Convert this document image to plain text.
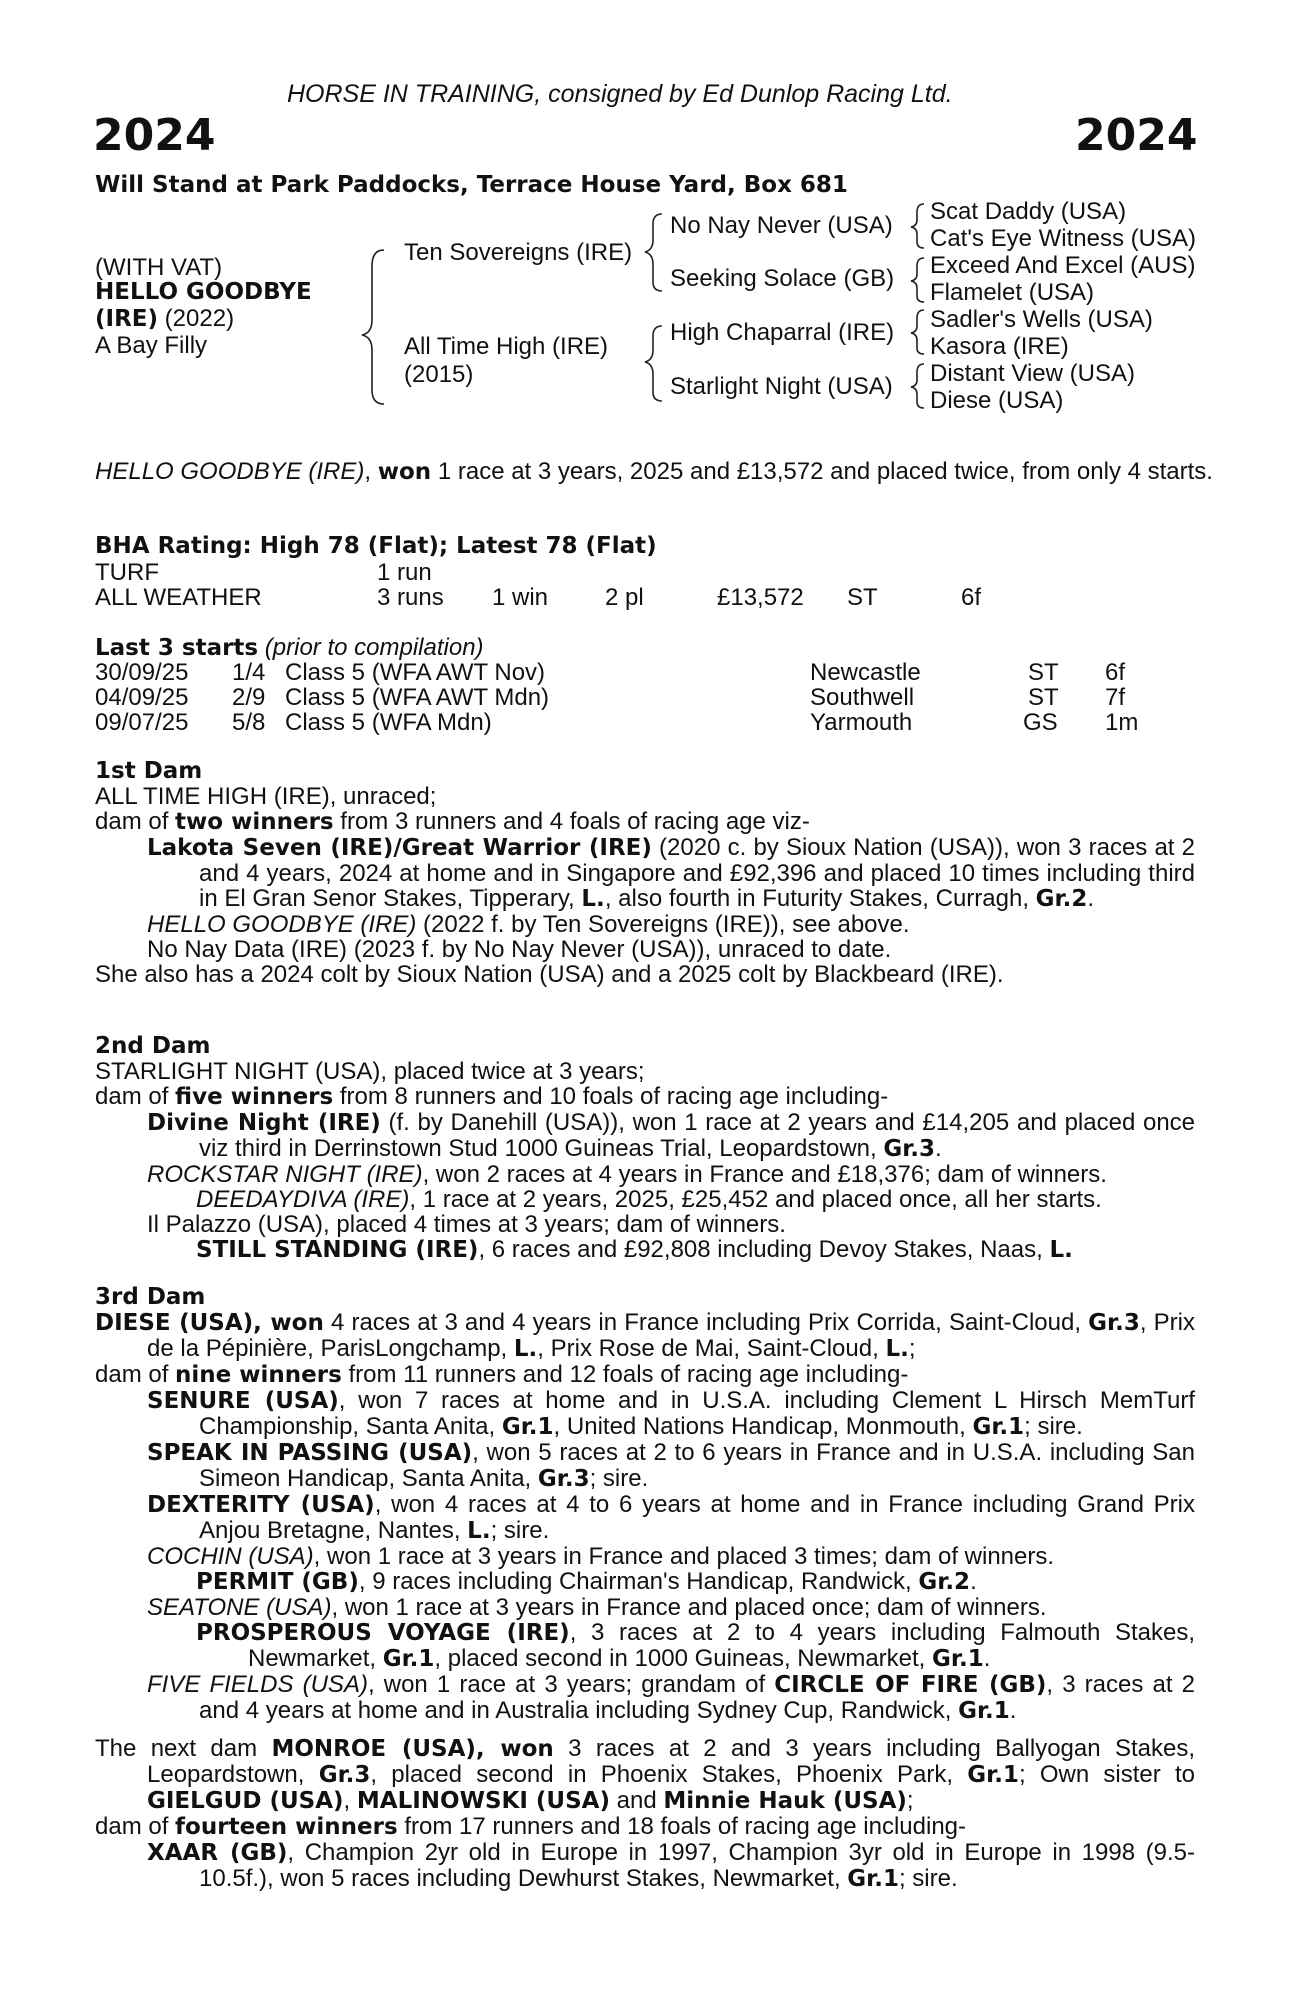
HORSE IN TRAINING, consigned by Ed Dunlop Racing Ltd.
2024	2024
Will Stand at Park Paddocks, Terrace House Yard, Box 681
(WITH VAT)
HELLO GOODBYE
(IRE) (2022)
A Bay Filly
Ten Sovereigns (IRE)
All Time High (IRE)
(2015)
No Nay Never (USA)
Seeking Solace (GB)
High Chaparral (IRE)
Starlight Night (USA)
Scat Daddy (USA)
Cat's Eye Witness (USA)
Exceed And Excel (AUS)
Flamelet (USA)
Sadler's Wells (USA)
Kasora (IRE)
Distant View (USA)
Diese (USA)
HELLO GOODBYE (IRE), won 1 race at 3 years, 2025 and £13,572 and placed twice, from only 4 starts.
BHA Rating: High 78 (Flat); Latest 78 (Flat)
TURF	1 run
ALL WEATHER	3 runs 1 win 2 pl	£13,572 ST	6f
Last 3 starts (prior to compilation)
30/09/25 1/4 Class 5 (WFA AWT Nov)	Newcastle	ST 6f
04/09/25 2/9 Class 5 (WFA AWT Mdn)	Southwell	ST 7f
09/07/25 5/8 Class 5 (WFA Mdn)	Yarmouth	GS 1m
1st Dam
ALL TIME HIGH (IRE), unraced;
dam of two winners from 3 runners and 4 foals of racing age viz-
Lakota Seven (IRE)/Great Warrior (IRE) (2020 c. by Sioux Nation (USA)), won 3 races at 2 and 4 years, 2024 at home and in Singapore and £92,396 and placed 10 times including third in El Gran Senor Stakes, Tipperary, L., also fourth in Futurity Stakes, Curragh, Gr.2.
HELLO GOODBYE (IRE) (2022 f. by Ten Sovereigns (IRE)), see above.
No Nay Data (IRE) (2023 f. by No Nay Never (USA)), unraced to date.
She also has a 2024 colt by Sioux Nation (USA) and a 2025 colt by Blackbeard (IRE).
2nd Dam
STARLIGHT NIGHT (USA), placed twice at 3 years;
dam of five winners from 8 runners and 10 foals of racing age including-
Divine Night (IRE) (f. by Danehill (USA)), won 1 race at 2 years and £14,205 and placed once viz third in Derrinstown Stud 1000 Guineas Trial, Leopardstown, Gr.3.
ROCKSTAR NIGHT (IRE), won 2 races at 4 years in France and £18,376; dam of winners.
DEEDAYDIVA (IRE), 1 race at 2 years, 2025, £25,452 and placed once, all her starts.
Il Palazzo (USA), placed 4 times at 3 years; dam of winners.
STILL STANDING (IRE), 6 races and £92,808 including Devoy Stakes, Naas, L.
3rd Dam
DIESE (USA), won 4 races at 3 and 4 years in France including Prix Corrida, Saint-Cloud, Gr.3, Prix de la Pépinière, ParisLongchamp, L., Prix Rose de Mai, Saint-Cloud, L.;
dam of nine winners from 11 runners and 12 foals of racing age including-
SENURE (USA), won 7 races at home and in U.S.A. including Clement L Hirsch MemTurf Championship, Santa Anita, Gr.1, United Nations Handicap, Monmouth, Gr.1; sire.
SPEAK IN PASSING (USA), won 5 races at 2 to 6 years in France and in U.S.A. including San Simeon Handicap, Santa Anita, Gr.3; sire.
DEXTERITY (USA), won 4 races at 4 to 6 years at home and in France including Grand Prix Anjou Bretagne, Nantes, L.; sire.
COCHIN (USA), won 1 race at 3 years in France and placed 3 times; dam of winners.
PERMIT (GB), 9 races including Chairman's Handicap, Randwick, Gr.2.
SEATONE (USA), won 1 race at 3 years in France and placed once; dam of winners.
PROSPEROUS VOYAGE (IRE), 3 races at 2 to 4 years including Falmouth Stakes, Newmarket, Gr.1, placed second in 1000 Guineas, Newmarket, Gr.1.
FIVE FIELDS (USA), won 1 race at 3 years; grandam of CIRCLE OF FIRE (GB), 3 races at 2 and 4 years at home and in Australia including Sydney Cup, Randwick, Gr.1.
The next dam MONROE (USA), won 3 races at 2 and 3 years including Ballyogan Stakes, Leopardstown, Gr.3, placed second in Phoenix Stakes, Phoenix Park, Gr.1; Own sister to GIELGUD (USA), MALINOWSKI (USA) and Minnie Hauk (USA);
dam of fourteen winners from 17 runners and 18 foals of racing age including-
XAAR (GB), Champion 2yr old in Europe in 1997, Champion 3yr old in Europe in 1998 (9.5-10.5f.), won 5 races including Dewhurst Stakes, Newmarket, Gr.1; sire.
